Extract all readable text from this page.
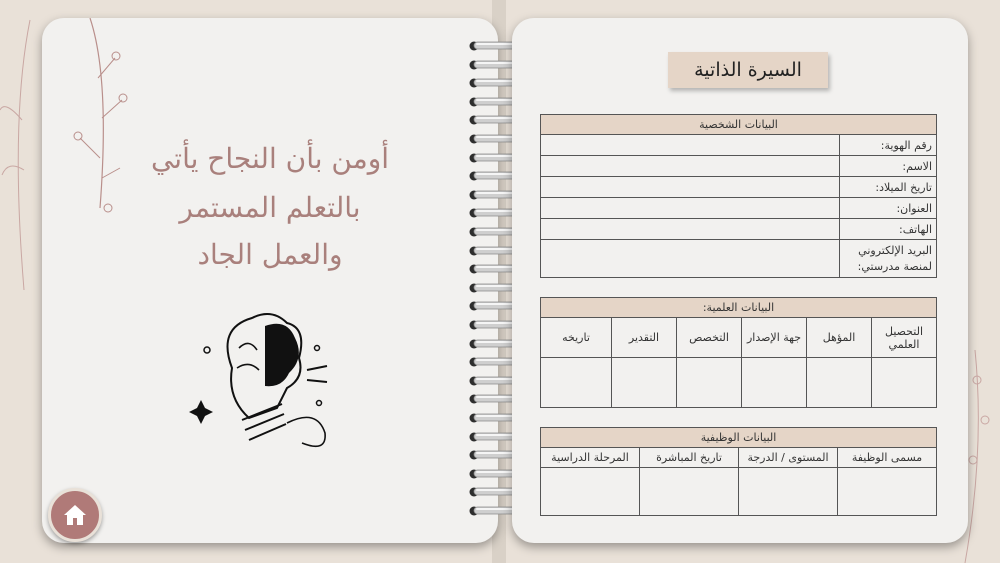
أومن بأن النجاح يأتي
بالتعلم المستمر
والعمل الجاد
السيرة الذاتية
البيانات الشخصية	
رقم الهوية:	
الاسم:	
تاريخ الميلاد:	
العنوان:	
الهاتف:	
البريد الإلكتروني لمنصة مدرستي:	
البيانات العلمية:					
التحصيل العلمي	المؤهل	جهة الإصدار	التخصص	التقدير	تاريخه

البيانات الوظيفية			
مسمى الوظيفة	المستوى / الدرجة	تاريخ المباشرة	المرحلة الدراسية
